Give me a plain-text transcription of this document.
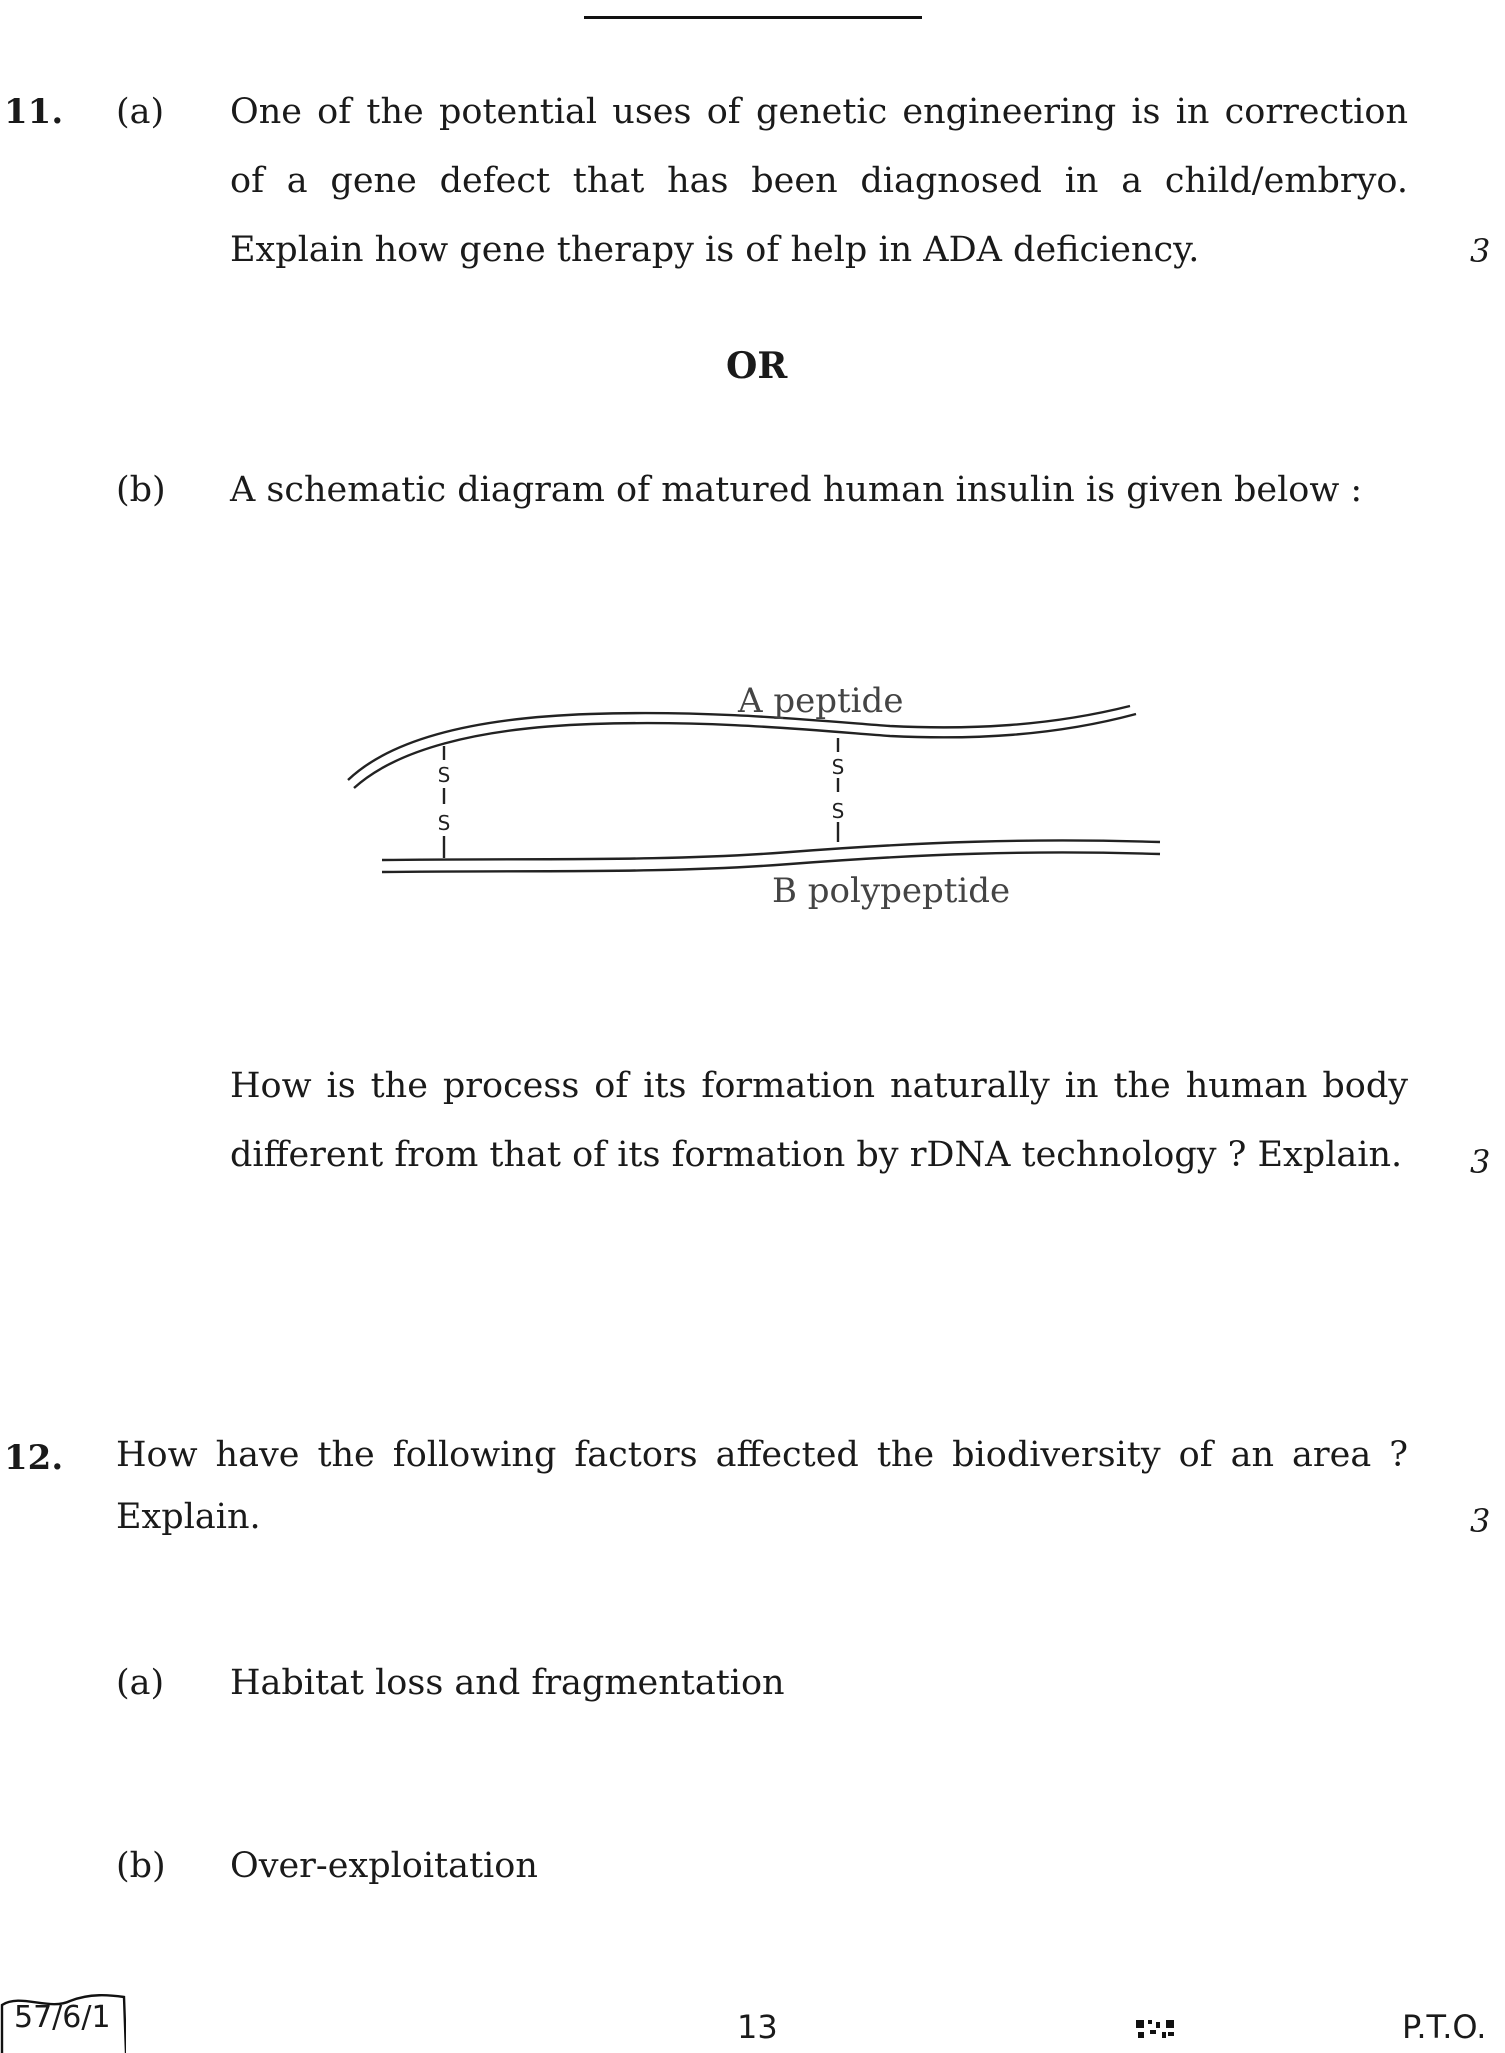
11. (a) One of the potential uses of genetic engineering is in correction of a gene defect that has been diagnosed in a child/embryo. Explain how gene therapy is of help in ADA deficiency.	3
OR
(b) A schematic diagram of matured human insulin is given below :
S
S
S
S
A peptide
B polypeptide
How is the process of its formation naturally in the human body different from that of its formation by rDNA technology ? Explain. 3
12. How have the following factors affected the biodiversity of an area ? Explain.	3
(a) Habitat loss and fragmentation
(b) Over-exploitation
57/6/1	13	P.T.O.
